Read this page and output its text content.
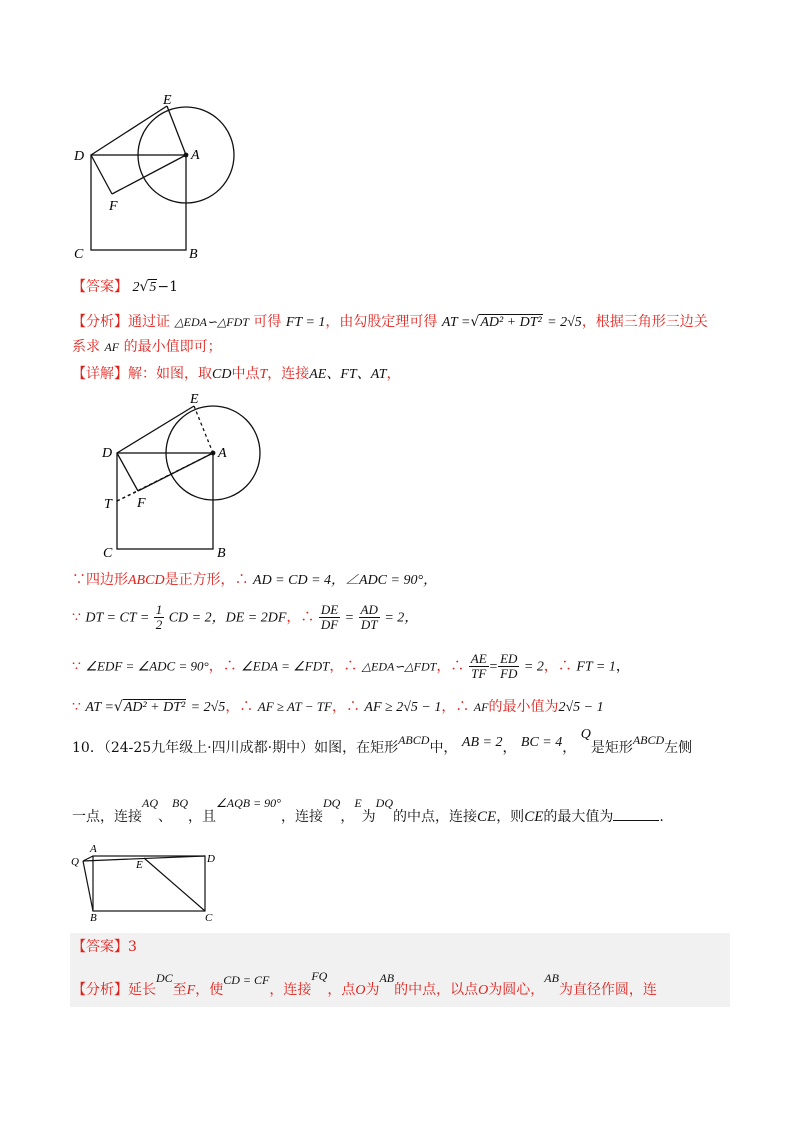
E
D	A
F
C	B
【答案】 2√5−1
【分析】通过证 △EDA∽△FDT 可得 FT = 1，由勾股定理可得 AT =√AD² + DT² = 2√5，根据三角形三边关
系求 AF 的最小值即可；
【详解】解：如图，取CD中点T，连接AE、FT、AT，
E
D	A
T F
C	B
∵四边形ABCD是正方形，∴ AD = CD = 4，∠ADC = 90°，
∵ DT = CT = $\frac{1}{2}$ CD = 2，DE = 2DF，∴ $\frac{DE}{DF} = \frac{AD}{DT} = 2$，
∵ ∠EDF = ∠ADC = 90°，∴ ∠EDA = ∠FDT，∴ △EDA∽△FDT，∴ $\frac{AE}{TF} = \frac{ED}{FD} = 2$，∴ FT = 1，
∵ AT =√AD² + DT² = 2√5，∴ AF ≥ AT − TF，∴ AF ≥ 2√5 − 1，∴ AF的最小值为2√5 − 1
10．（24-25九年级上·四川成都·期中）如图，在矩形ABCD中， AB = 2， BC = 4， Q是矩形ABCD左侧
一点，连接AQ、BQ，且∠AQB = 90°，连接DQ，E为DQ的中点，连接CE，则CE的最大值为	.
A
Q	E	D
B	C
【答案】3
【分析】延长DC至F，使CD = CF，连接FQ，点O为AB的中点，以点O为圆心，AB为直径作圆，连
